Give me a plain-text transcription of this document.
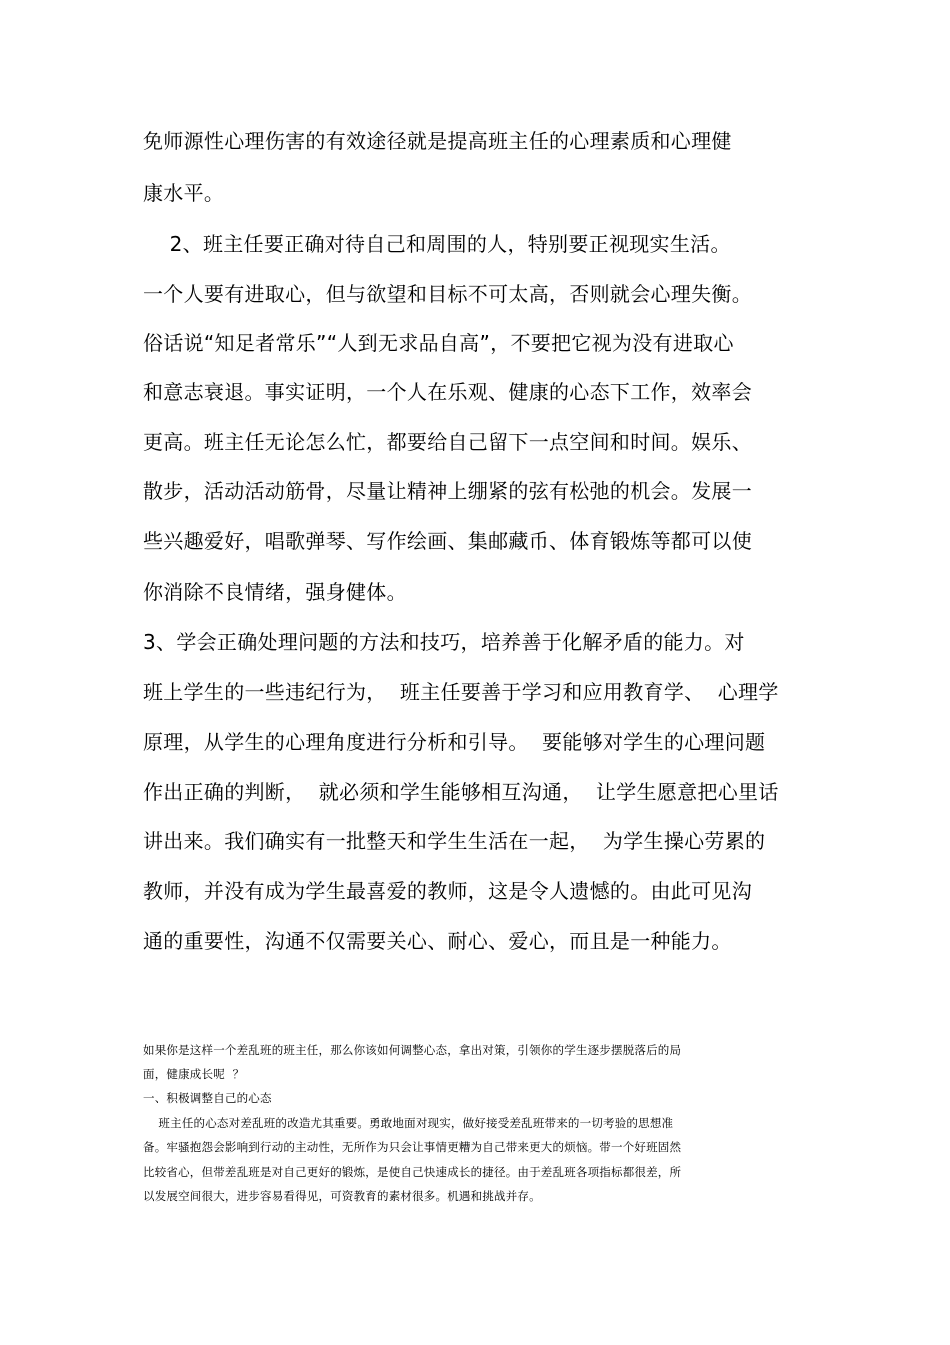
免师源性心理伤害的有效途径就是提高班主任的心理素质和心理健
康水平。
2、班主任要正确对待自己和周围的人，特别要正视现实生活。
一个人要有进取心，但与欲望和目标不可太高，否则就会心理失衡。
俗话说“知足者常乐”“人到无求品自高”，不要把它视为没有进取心
和意志衰退。事实证明，一个人在乐观、健康的心态下工作，效率会
更高。班主任无论怎么忙，都要给自己留下一点空间和时间。娱乐、
散步，活动活动筋骨，尽量让精神上绷紧的弦有松弛的机会。发展一
些兴趣爱好，唱歌弹琴、写作绘画、集邮藏币、体育锻炼等都可以使
你消除不良情绪，强身健体。
3、学会正确处理问题的方法和技巧，培养善于化解矛盾的能力。对
班上学生的一些违纪行为，  班主任要善于学习和应用教育学、  心理学
原理，从学生的心理角度进行分析和引导。  要能够对学生的心理问题
作出正确的判断，  就必须和学生能够相互沟通，  让学生愿意把心里话
讲出来。我们确实有一批整天和学生生活在一起，  为学生操心劳累的
教师，并没有成为学生最喜爱的教师，这是令人遗憾的。由此可见沟
通的重要性，沟通不仅需要关心、耐心、爱心，而且是一种能力。
如果你是这样一个差乱班的班主任，那么你该如何调整心态，拿出对策，引领你的学生逐步摆脱落后的局
面，健康成长呢  ？
一、积极调整自己的心态
班主任的心态对差乱班的改造尤其重要。勇敢地面对现实，做好接受差乱班带来的一切考验的思想准
备。牢骚抱怨会影响到行动的主动性，无所作为只会让事情更糟为自己带来更大的烦恼。带一个好班固然
比较省心，但带差乱班是对自己更好的锻炼，是使自己快速成长的捷径。由于差乱班各项指标都很差，所
以发展空间很大，进步容易看得见，可资教育的素材很多。机遇和挑战并存。
